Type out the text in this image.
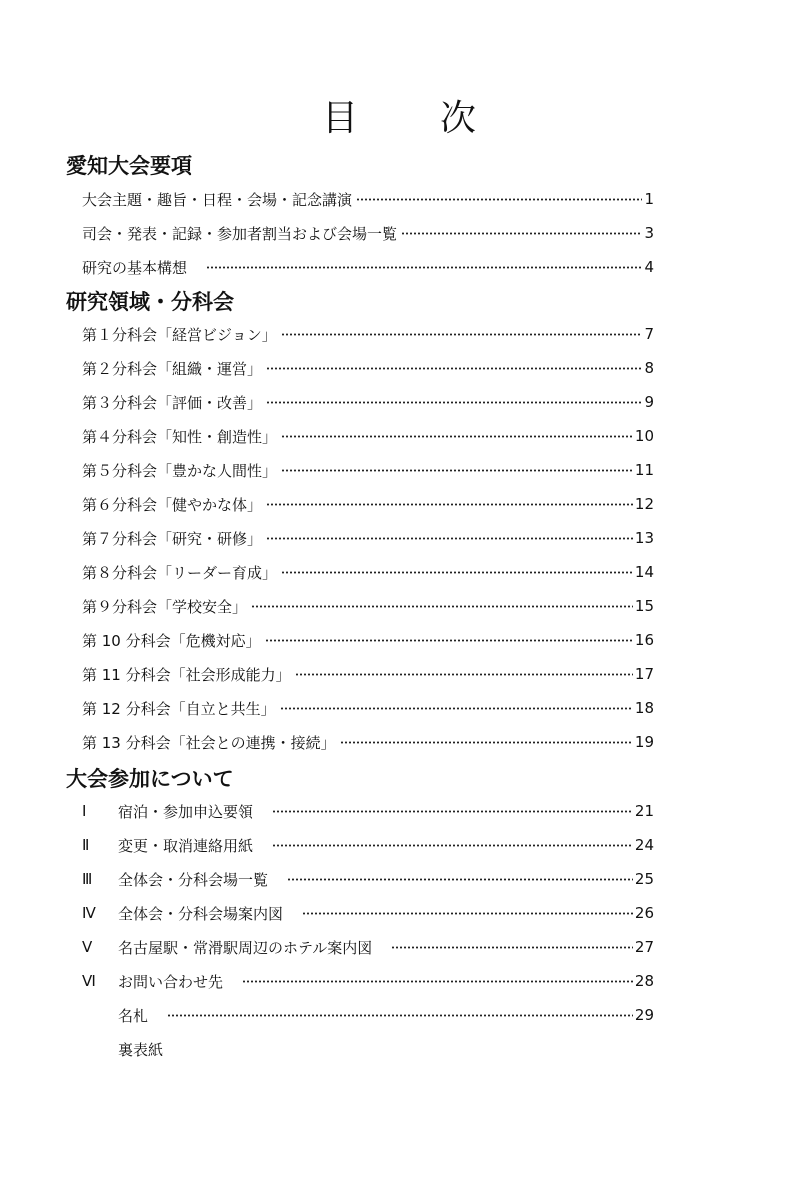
目 次
愛知大会要項
大会主題・趣旨・日程・会場・記念講演	1
司会・発表・記録・参加者割当および会場一覧	3
研究の基本構想　	4
研究領域・分科会
第１分科会「経営ビジョン」	7
第２分科会「組織・運営」	8
第３分科会「評価・改善」	9
第４分科会「知性・創造性」	10
第５分科会「豊かな人間性」	11
第６分科会「健やかな体」	12
第７分科会「研究・研修」	13
第８分科会「リーダー育成」	14
第９分科会「学校安全」	15
第 10 分科会「危機対応」	16
第 11 分科会「社会形成能力」	17
第 12 分科会「自立と共生」	18
第 13 分科会「社会との連携・接続」	19
大会参加について
Ⅰ	宿泊・参加申込要領　	21
Ⅱ	変更・取消連絡用紙　	24
Ⅲ	全体会・分科会場一覧　	25
Ⅳ	全体会・分科会場案内図　	26
Ⅴ	名古屋駅・常滑駅周辺のホテル案内図　	27
Ⅵ	お問い合わせ先　	28
名札　	29
裏表紙
